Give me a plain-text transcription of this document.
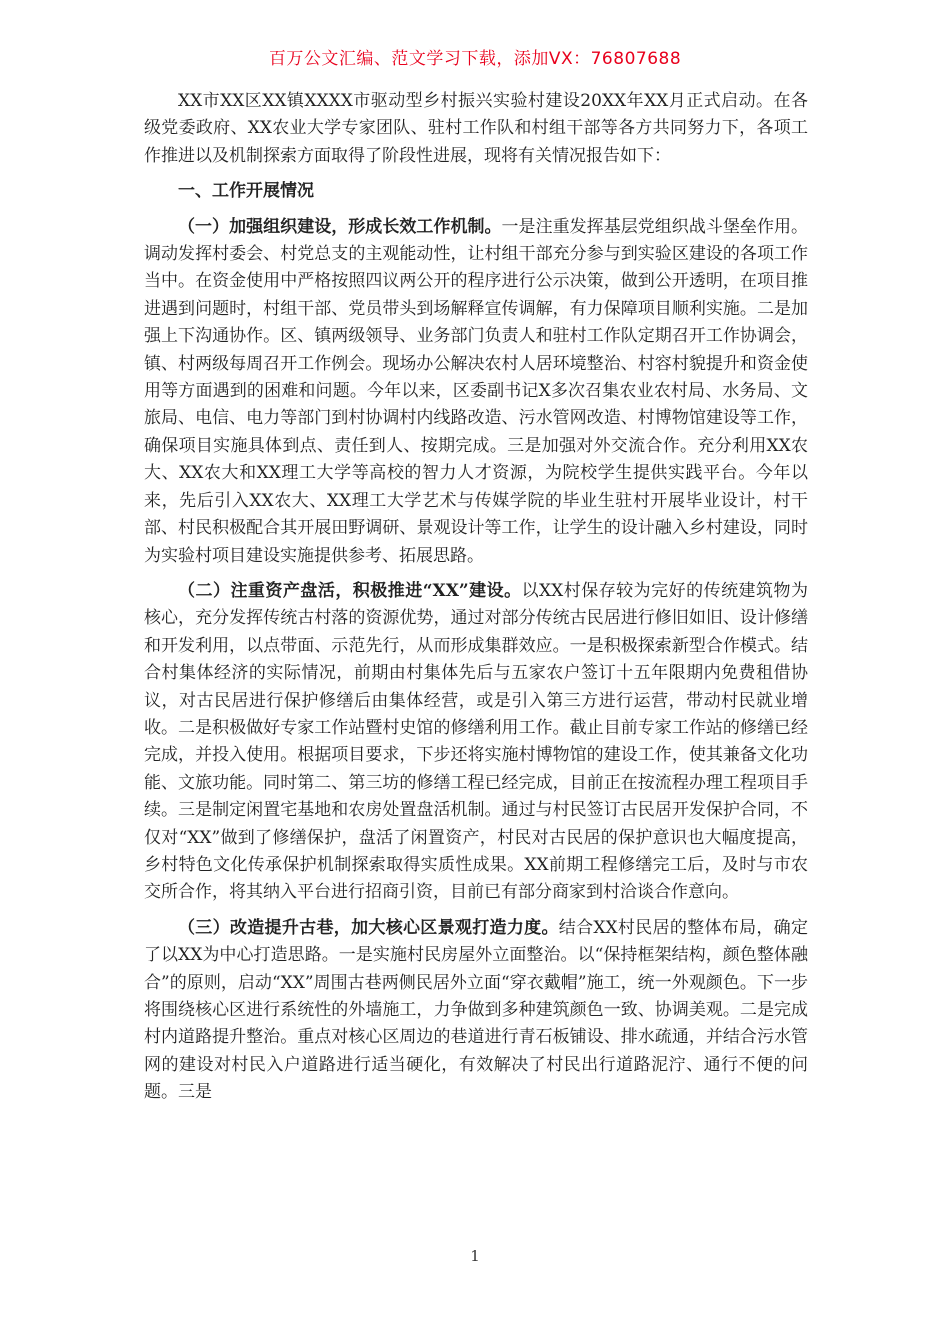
百万公文汇编、范文学习下载，添加VX：76807688

XX市XX区XX镇XXXX市驱动型乡村振兴实验村建设20XX年XX月正式启动。在各级党委政府、XX农业大学专家团队、驻村工作队和村组干部等各方共同努力下，各项工作推进以及机制探索方面取得了阶段性进展，现将有关情况报告如下：

一、工作开展情况

（一）加强组织建设，形成长效工作机制。一是注重发挥基层党组织战斗堡垒作用。调动发挥村委会、村党总支的主观能动性，让村组干部充分参与到实验区建设的各项工作当中。在资金使用中严格按照四议两公开的程序进行公示决策，做到公开透明，在项目推进遇到问题时，村组干部、党员带头到场解释宣传调解，有力保障项目顺利实施。二是加强上下沟通协作。区、镇两级领导、业务部门负责人和驻村工作队定期召开工作协调会，镇、村两级每周召开工作例会。现场办公解决农村人居环境整治、村容村貌提升和资金使用等方面遇到的困难和问题。今年以来，区委副书记X多次召集农业农村局、水务局、文旅局、电信、电力等部门到村协调村内线路改造、污水管网改造、村博物馆建设等工作，确保项目实施具体到点、责任到人、按期完成。三是加强对外交流合作。充分利用XX农大、XX农大和XX理工大学等高校的智力人才资源，为院校学生提供实践平台。今年以来，先后引入XX农大、XX理工大学艺术与传媒学院的毕业生驻村开展毕业设计，村干部、村民积极配合其开展田野调研、景观设计等工作，让学生的设计融入乡村建设，同时为实验村项目建设实施提供参考、拓展思路。

（二）注重资产盘活，积极推进“XX”建设。以XX村保存较为完好的传统建筑物为核心，充分发挥传统古村落的资源优势，通过对部分传统古民居进行修旧如旧、设计修缮和开发利用，以点带面、示范先行，从而形成集群效应。一是积极探索新型合作模式。结合村集体经济的实际情况，前期由村集体先后与五家农户签订十五年限期内免费租借协议，对古民居进行保护修缮后由集体经营，或是引入第三方进行运营，带动村民就业增收。二是积极做好专家工作站暨村史馆的修缮利用工作。截止目前专家工作站的修缮已经完成，并投入使用。根据项目要求，下步还将实施村博物馆的建设工作，使其兼备文化功能、文旅功能。同时第二、第三坊的修缮工程已经完成，目前正在按流程办理工程项目手续。三是制定闲置宅基地和农房处置盘活机制。通过与村民签订古民居开发保护合同，不仅对“XX”做到了修缮保护，盘活了闲置资产，村民对古民居的保护意识也大幅度提高，乡村特色文化传承保护机制探索取得实质性成果。XX前期工程修缮完工后，及时与市农交所合作，将其纳入平台进行招商引资，目前已有部分商家到村洽谈合作意向。

（三）改造提升古巷，加大核心区景观打造力度。结合XX村民居的整体布局，确定了以XX为中心打造思路。一是实施村民房屋外立面整治。以“保持框架结构，颜色整体融合”的原则，启动“XX”周围古巷两侧民居外立面“穿衣戴帽”施工，统一外观颜色。下一步将围绕核心区进行系统性的外墙施工，力争做到多种建筑颜色一致、协调美观。二是完成村内道路提升整治。重点对核心区周边的巷道进行青石板铺设、排水疏通，并结合污水管网的建设对村民入户道路进行适当硬化，有效解决了村民出行道路泥泞、通行不便的问题。三是

1
